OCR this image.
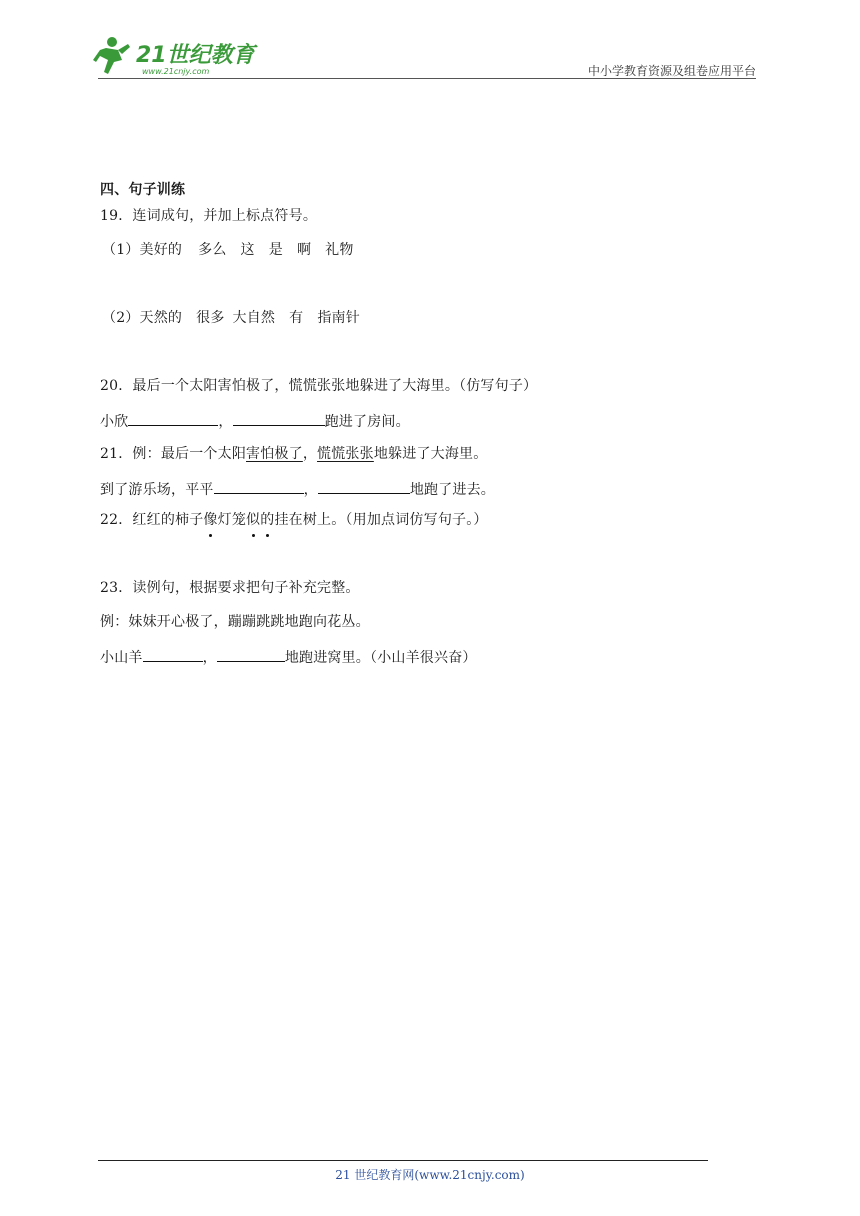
21世纪教育
www.21cnjy.com	中小学教育资源及组卷应用平台
四、句子训练
19．连词成句，并加上标点符号。
（1）美好的 多么 这 是 啊 礼物
（2）天然的 很多 大自然 有 指南针
20．最后一个太阳害怕极了，慌慌张张地躲进了大海里。（仿写句子）
小欣	，	跑进了房间。
21．例：最后一个太阳害怕极了，慌慌张张地躲进了大海里。
到了游乐场，平平	，	地跑了进去。
22．红红的柿子像灯笼似的挂在树上。（用加点词仿写句子。）
23．读例句，根据要求把句子补充完整。
例：妹妹开心极了，蹦蹦跳跳地跑向花丛。
小山羊	，	地跑进窝里。（小山羊很兴奋）
21 世纪教育网(www.21cnjy.com)
